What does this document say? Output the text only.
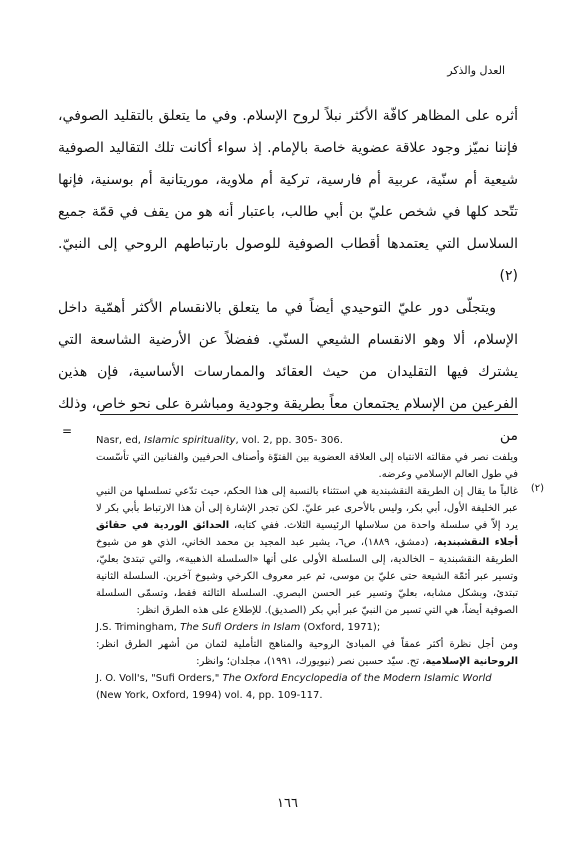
العدل والذكر

أثره على المظاهر كافّة الأكثر نبلاً لروح الإسلام. وفي ما يتعلق بالتقليد الصوفي، فإننا نميّز وجود علاقة عضوية خاصة بالإمام. إذ سواء أكانت تلك التقاليد الصوفية شيعية أم سنّية، عربية أم فارسية، تركية أم ملاوية، موريتانية أم بوسنية، فإنها تتّحد كلها في شخص عليّ بن أبي طالب، باعتبار أنه هو من يقف في قمّة جميع السلاسل التي يعتمدها أقطاب الصوفية للوصول بارتباطهم الروحي إلى النبيّ. (٢)

ويتجلّى دور عليّ التوحيدي أيضاً في ما يتعلق بالانقسام الأكثر أهمّية داخل الإسلام، ألا وهو الانقسام الشيعي السنّي. ففضلاً عن الأرضية الشاسعة التي يشترك فيها التقليدان من حيث العقائد والممارسات الأساسية، فإن هذين الفرعين من الإسلام يجتمعان معاً بطريقة وجودية ومباشرة على نحو خاص، وذلك من

=
Nasr, ed, Islamic spirituality, vol. 2, pp. 305- 306.
ويلفت نصر في مقالته الانتباه إلى العلاقة العضوية بين الفتوّة وأصناف الحرفيين والفنانين التي تأسّست في طول العالم الإسلامي وعرضه.
(٢)
غالباً ما يقال إن الطريقة النقشبندية هي استثناء بالنسبة إلى هذا الحكم، حيث تدّعي تسلسلها من النبي عبر الخليفة الأول، أبي بكر، وليس بالأحرى عبر عليّ. لكن تجدر الإشارة إلى أن هذا الارتباط بأبي بكر لا يرد إلاّ في سلسلة واحدة من سلاسلها الرئيسية الثلاث. ففي كتابه، الحدائق الوردية في حقائق أجلاء النقشبندية، (دمشق، ١٨٨٩)، ص٦، يشير عبد المجيد بن محمد الخاني، الذي هو من شيوخ الطريقة النقشبندية – الخالدية، إلى السلسلة الأولى على أنها «السلسلة الذهبية»، والتي تبتدئ بعليّ، وتسير عبر أئمّة الشيعة حتى عليّ بن موسى، ثم عبر معروف الكرخي وشيوخ آخرين. السلسلة الثانية تبتدئ، وبشكل مشابه، بعليّ وتسير عبر الحسن البصري. السلسلة الثالثة فقط، وتسمّى السلسلة الصوفية أيضاً، هي التي تسير من النبيّ عبر أبي بكر (الصديق). للإطلاع على هذه الطرق انظر:
J.S. Trimingham, The Sufi Orders in Islam (Oxford, 1971);
ومن أجل نظرة أكثر عمقاً في المبادئ الروحية والمناهج التأملية لثمان من أشهر الطرق انظر: الروحانية الإسلامية، تح. سيّد حسين نصر (نيويورك، ١٩٩١)، مجلدان؛ وانظر:
J. O. Voll's, "Sufi Orders," The Oxford Encyclopedia of the Modern Islamic World (New York, Oxford, 1994) vol. 4, pp. 109-117.
١٦٦
